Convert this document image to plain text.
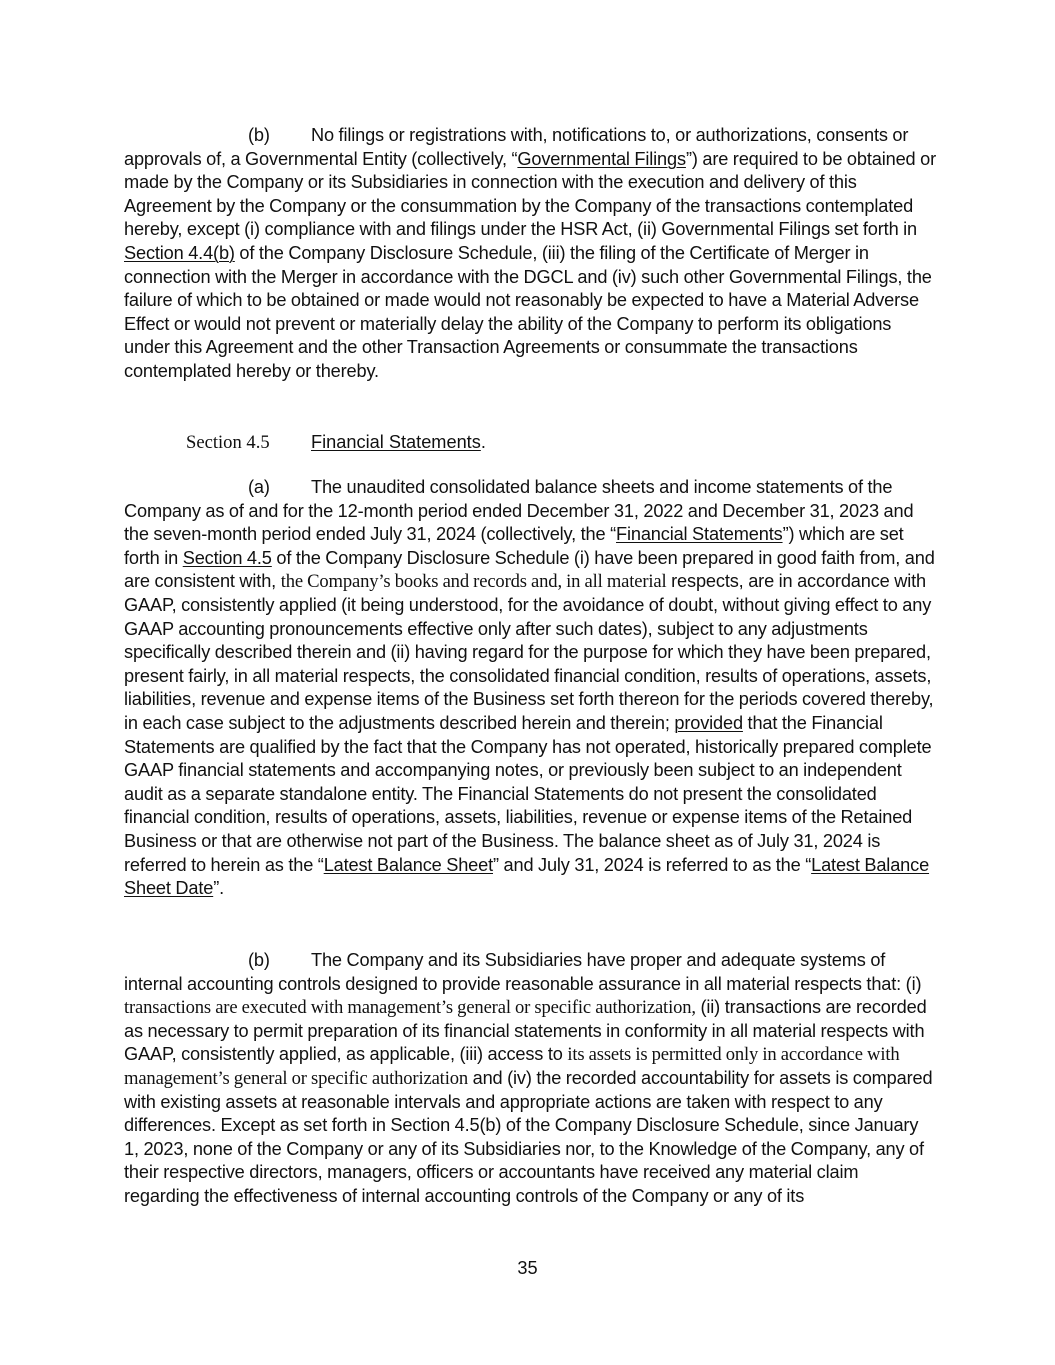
(b) No filings or registrations with, notifications to, or authorizations, consents or approvals of, a Governmental Entity (collectively, “Governmental Filings”) are required to be obtained or made by the Company or its Subsidiaries in connection with the execution and delivery of this Agreement by the Company or the consummation by the Company of the transactions contemplated hereby, except (i) compliance with and filings under the HSR Act, (ii) Governmental Filings set forth in Section 4.4(b) of the Company Disclosure Schedule, (iii) the filing of the Certificate of Merger in connection with the Merger in accordance with the DGCL and (iv) such other Governmental Filings, the failure of which to be obtained or made would not reasonably be expected to have a Material Adverse Effect or would not prevent or materially delay the ability of the Company to perform its obligations under this Agreement and the other Transaction Agreements or consummate the transactions contemplated hereby or thereby.

Section 4.5 Financial Statements.

(a) The unaudited consolidated balance sheets and income statements of the Company as of and for the 12-month period ended December 31, 2022 and December 31, 2023 and the seven-month period ended July 31, 2024 (collectively, the “Financial Statements”) which are set forth in Section 4.5 of the Company Disclosure Schedule (i) have been prepared in good faith from, and are consistent with, the Company’s books and records and, in all material respects, are in accordance with GAAP, consistently applied (it being understood, for the avoidance of doubt, without giving effect to any GAAP accounting pronouncements effective only after such dates), subject to any adjustments specifically described therein and (ii) having regard for the purpose for which they have been prepared, present fairly, in all material respects, the consolidated financial condition, results of operations, assets, liabilities, revenue and expense items of the Business set forth thereon for the periods covered thereby, in each case subject to the adjustments described herein and therein; provided that the Financial Statements are qualified by the fact that the Company has not operated, historically prepared complete GAAP financial statements and accompanying notes, or previously been subject to an independent audit as a separate standalone entity. The Financial Statements do not present the consolidated financial condition, results of operations, assets, liabilities, revenue or expense items of the Retained Business or that are otherwise not part of the Business. The balance sheet as of July 31, 2024 is referred to herein as the “Latest Balance Sheet” and July 31, 2024 is referred to as the “Latest Balance Sheet Date”.

(b) The Company and its Subsidiaries have proper and adequate systems of internal accounting controls designed to provide reasonable assurance in all material respects that: (i) transactions are executed with management’s general or specific authorization, (ii) transactions are recorded as necessary to permit preparation of its financial statements in conformity in all material respects with GAAP, consistently applied, as applicable, (iii) access to its assets is permitted only in accordance with management’s general or specific authorization and (iv) the recorded accountability for assets is compared with existing assets at reasonable intervals and appropriate actions are taken with respect to any differences. Except as set forth in Section 4.5(b) of the Company Disclosure Schedule, since January 1, 2023, none of the Company or any of its Subsidiaries nor, to the Knowledge of the Company, any of their respective directors, managers, officers or accountants have received any material claim regarding the effectiveness of internal accounting controls of the Company or any of its

35
